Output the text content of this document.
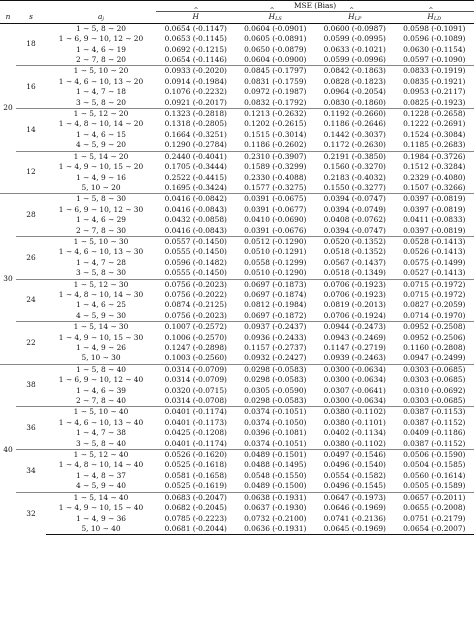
			MSE (Bias)			
n	s	$a_j$	^ H	^ $H_{LS}$	^ $H_{LP}$	^ $H_{LD}$
20	18	1 ∼ 5, 8 ∼ 20	0.0654 (-0.1147)	0.0604 (-0.0901)	0.0600 (-0.0987)	0.0598 (-0.1091)
		1 ∼ 6, 9 ∼ 10, 12 ∼ 20	0.0653 (-0.1145)	0.0605 (-0.0891)	0.0599 (-0.0995)	0.0596 (-0.1089)
		1 ∼ 4, 6 ∼ 19	0.0692 (-0.1215)	0.0650 (-0.0879)	0.0633 (-0.1021)	0.0630 (-0.1154)
		2 ∼ 7, 8 ∼ 20	0.0654 (-0.1146)	0.0604 (-0.0900)	0.0599 (-0.0996)	0.0597 (-0.1090)
	16	1 ∼ 5, 10 ∼ 20	0.0933 (-0.2020)	0.0845 (-0.1797)	0.0842 (-0.1863)	0.0833 (-0.1919)
		1 ∼ 4, 6 ∼ 10, 13 ∼ 20	0.0914 (-0.1984)	0.0831 (-0.1759)	0.0828 (-0.1823)	0.0835 (-0.1921)
		1 ∼ 4, 7 ∼ 18	0.1076 (-0.2232)	0.0972 (-0.1987)	0.0964 (-0.2054)	0.0953 (-0.2117)
		3 ∼ 5, 8 ∼ 20	0.0921 (-0.2017)	0.0832 (-0.1792)	0.0830 (-0.1860)	0.0825 (-0.1923)
	14	1 ∼ 5, 12 ∼ 20	0.1323 (-0.2818)	0.1213 (-0.2632)	0.1192 (-0.2660)	0.1228 (-0.2658)
		1 ∼ 4, 8 ∼ 10, 14 ∼ 20	0.1318 (-0.2805)	0.1202 (-0.2615)	0.1186 (-0.2646)	0.1222 (-0.2691)
		1 ∼ 4, 6 ∼ 15	0.1664 (-0.3251)	0.1515 (-0.3014)	0.1442 (-0.3037)	0.1524 (-0.3084)
		4 ∼ 5, 9 ∼ 20	0.1290 (-0.2784)	0.1186 (-0.2602)	0.1172 (-0.2630)	0.1185 (-0.2683)
	12	1 ∼ 5, 14 ∼ 20	0.2440 (-0.4041)	0.2310 (-0.3907)	0.2191 (-0.3850)	0.1984 (-0.3726)
		1 ∼ 4, 9 ∼ 10, 15 ∼ 20	0.1705 (-0.3444)	0.1589 (-0.3299)	0.1560 (-0.3270)	0.1512 (-0.3284)
		1 ∼ 4, 9 ∼ 16	0.2522 (-0.4415)	0.2330 (-0.4088)	0.2183 (-0.4032)	0.2329 (-0.4080)
		5, 10 ∼ 20	0.1695 (-0.3424)	0.1577 (-0.3275)	0.1550 (-0.3277)	0.1507 (-0.3266)
30	28	1 ∼ 5, 8 ∼ 30	0.0416 (-0.0842)	0.0391 (-0.0675)	0.0394 (-0.0747)	0.0397 (-0.0819)
		1 ∼ 6, 9 ∼ 10, 12 ∼ 30	0.0416 (-0.0843)	0.0391 (-0.0677)	0.0394 (-0.0749)	0.0397 (-0.0819)
		1 ∼ 4, 6 ∼ 29	0.0432 (-0.0858)	0.0410 (-0.0690)	0.0408 (-0.0762)	0.0411 (-0.0833)
		2 ∼ 7, 8 ∼ 30	0.0416 (-0.0843)	0.0391 (-0.0676)	0.0394 (-0.0747)	0.0397 (-0.0819)
	26	1 ∼ 5, 10 ∼ 30	0.0557 (-0.1450)	0.0512 (-0.1290)	0.0520 (-0.1352)	0.0528 (-0.1413)
		1 ∼ 4, 6 ∼ 10, 13 ∼ 30	0.0555 (-0.1450)	0.0510 (-0.1291)	0.0518 (-0.1352)	0.0526 (-0.1413)
		1 ∼ 4, 7 ∼ 28	0.0596 (-0.1482)	0.0558 (-0.1299)	0.0567 (-0.1437)	0.0575 (-0.1499)
		3 ∼ 5, 8 ∼ 30	0.0555 (-0.1450)	0.0510 (-0.1290)	0.0518 (-0.1349)	0.0527 (-0.1413)
	24	1 ∼ 5, 12 ∼ 30	0.0756 (-0.2023)	0.0697 (-0.1873)	0.0706 (-0.1923)	0.0715 (-0.1972)
		1 ∼ 4, 8 ∼ 10, 14 ∼ 30	0.0756 (-0.2022)	0.0697 (-0.1874)	0.0706 (-0.1923)	0.0715 (-0.1972)
		1 ∼ 4, 6 ∼ 25	0.0874 (-0.2125)	0.0812 (-0.1984)	0.0819 (-0.2013)	0.0827 (-0.2059)
		4 ∼ 5, 9 ∼ 30	0.0756 (-0.2023)	0.0697 (-0.1872)	0.0706 (-0.1924)	0.0714 (-0.1970)
	22	1 ∼ 5, 14 ∼ 30	0.1007 (-0.2572)	0.0937 (-0.2437)	0.0944 (-0.2473)	0.0952 (-0.2508)
		1 ∼ 4, 9 ∼ 10, 15 ∼ 30	0.1006 (-0.2570)	0.0936 (-0.2433)	0.0943 (-0.2469)	0.0952 (-0.2506)
		1 ∼ 4, 9 ∼ 26	0.1247 (-0.2898)	0.1157 (-0.2737)	0.1147 (-0.2719)	0.1160 (-0.2808)
		5, 10 ∼ 30	0.1003 (-0.2560)	0.0932 (-0.2427)	0.0939 (-0.2463)	0.0947 (-0.2499)
40	38	1 ∼ 5, 8 ∼ 40	0.0314 (-0.0709)	0.0298 (-0.0583)	0.0300 (-0.0634)	0.0303 (-0.0685)
		1 ∼ 6, 9 ∼ 10, 12 ∼ 40	0.0314 (-0.0709)	0.0298 (-0.0583)	0.0300 (-0.0634)	0.0303 (-0.0685)
		1 ∼ 4, 6 ∼ 39	0.0320 (-0.0715)	0.0305 (-0.0590)	0.0307 (-0.0641)	0.0310 (-0.0692)
		2 ∼ 7, 8 ∼ 40	0.0314 (-0.0708)	0.0298 (-0.0583)	0.0300 (-0.0634)	0.0303 (-0.0685)
	36	1 ∼ 5, 10 ∼ 40	0.0401 (-0.1174)	0.0374 (-0.1051)	0.0380 (-0.1102)	0.0387 (-0.1153)
		1 ∼ 4, 6 ∼ 10, 13 ∼ 40	0.0401 (-0.1173)	0.0374 (-0.1050)	0.0380 (-0.1101)	0.0387 (-0.1152)
		1 ∼ 4, 7 ∼ 38	0.0425 (-0.1208)	0.0396 (-0.1081)	0.0402 (-0.1134)	0.0409 (-0.1186)
		3 ∼ 5, 8 ∼ 40	0.0401 (-0.1174)	0.0374 (-0.1051)	0.0380 (-0.1102)	0.0387 (-0.1152)
	34	1 ∼ 5, 12 ∼ 40	0.0526 (-0.1620)	0.0489 (-0.1501)	0.0497 (-0.1546)	0.0506 (-0.1590)
		1 ∼ 4, 8 ∼ 10, 14 ∼ 40	0.0525 (-0.1618)	0.0488 (-0.1495)	0.0496 (-0.1540)	0.0504 (-0.1585)
		1 ∼ 4, 8 ∼ 37	0.0581 (-0.1658)	0.0548 (-0.1550)	0.0554 (-0.1582)	0.0560 (-0.1614)
		4 ∼ 5, 9 ∼ 40	0.0525 (-0.1619)	0.0489 (-0.1500)	0.0496 (-0.1545)	0.0505 (-0.1589)
	32	1 ∼ 5, 14 ∼ 40	0.0683 (-0.2047)	0.0638 (-0.1931)	0.0647 (-0.1973)	0.0657 (-0.2011)
		1 ∼ 4, 9 ∼ 10, 15 ∼ 40	0.0682 (-0.2045)	0.0637 (-0.1930)	0.0646 (-0.1969)	0.0655 (-0.2008)
		1 ∼ 4, 9 ∼ 36	0.0785 (-0.2223)	0.0732 (-0.2100)	0.0741 (-0.2136)	0.0751 (-0.2179)
		5, 10 ∼ 40	0.0681 (-0.2044)	0.0636 (-0.1931)	0.0645 (-0.1969)	0.0654 (-0.2007)
